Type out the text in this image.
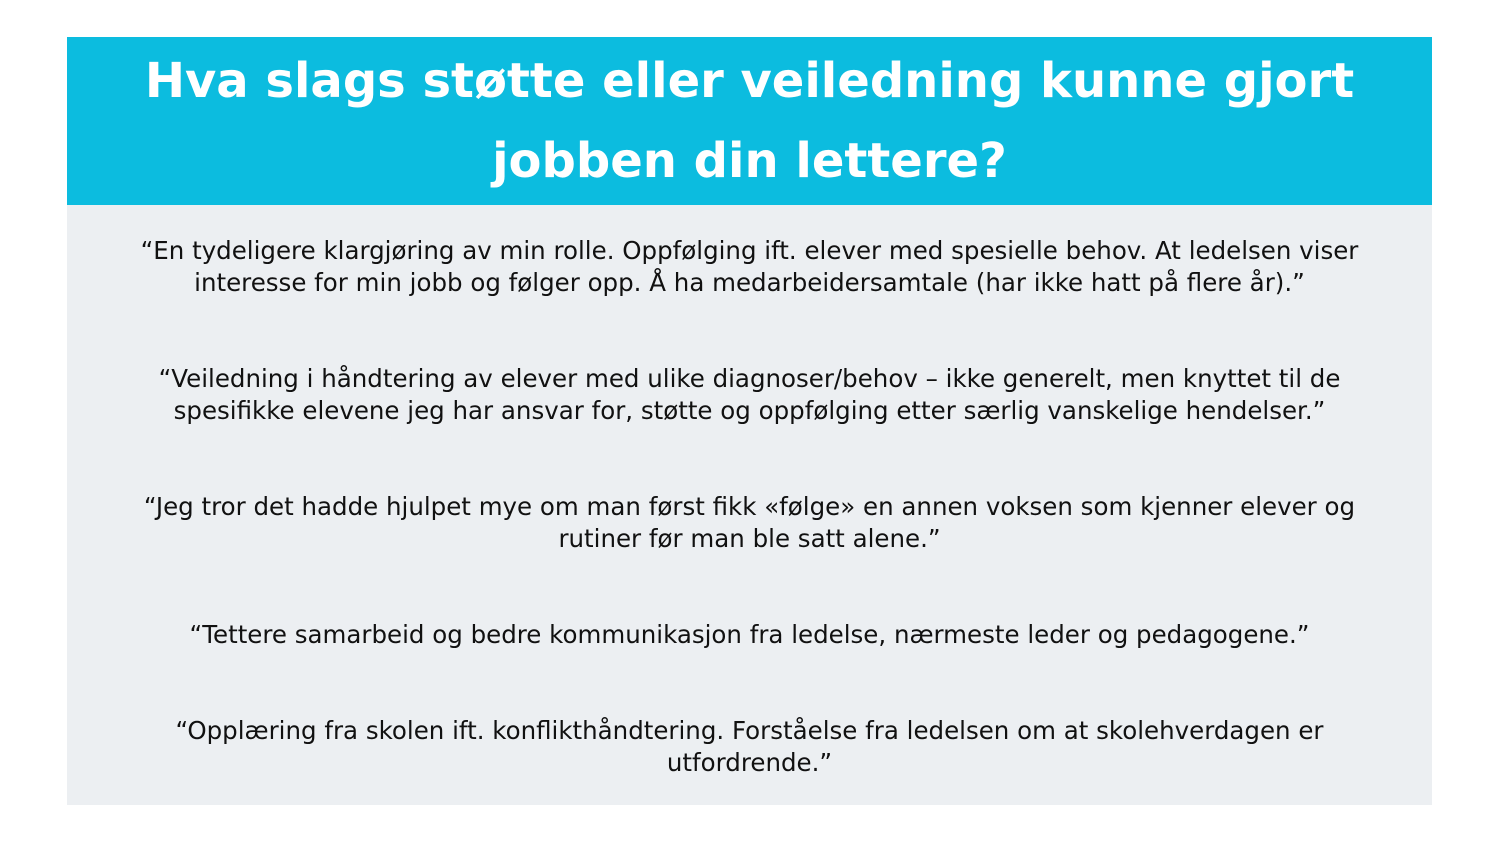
Hva slags støtte eller veiledning kunne gjort jobben din lettere?
“En tydeligere klargjøring av min rolle. Oppfølging ift. elever med spesielle behov. At ledelsen viser interesse for min jobb og følger opp. Å ha medarbeidersamtale (har ikke hatt på flere år).”
“Veiledning i håndtering av elever med ulike diagnoser/behov – ikke generelt, men knyttet til de spesifikke elevene jeg har ansvar for, støtte og oppfølging etter særlig vanskelige hendelser.”
“Jeg tror det hadde hjulpet mye om man først fikk «følge» en annen voksen som kjenner elever og rutiner før man ble satt alene.”
“Tettere samarbeid og bedre kommunikasjon fra ledelse, nærmeste leder og pedagogene.”
“Opplæring fra skolen ift. konflikthåndtering. Forståelse fra ledelsen om at skolehverdagen er utfordrende.”
